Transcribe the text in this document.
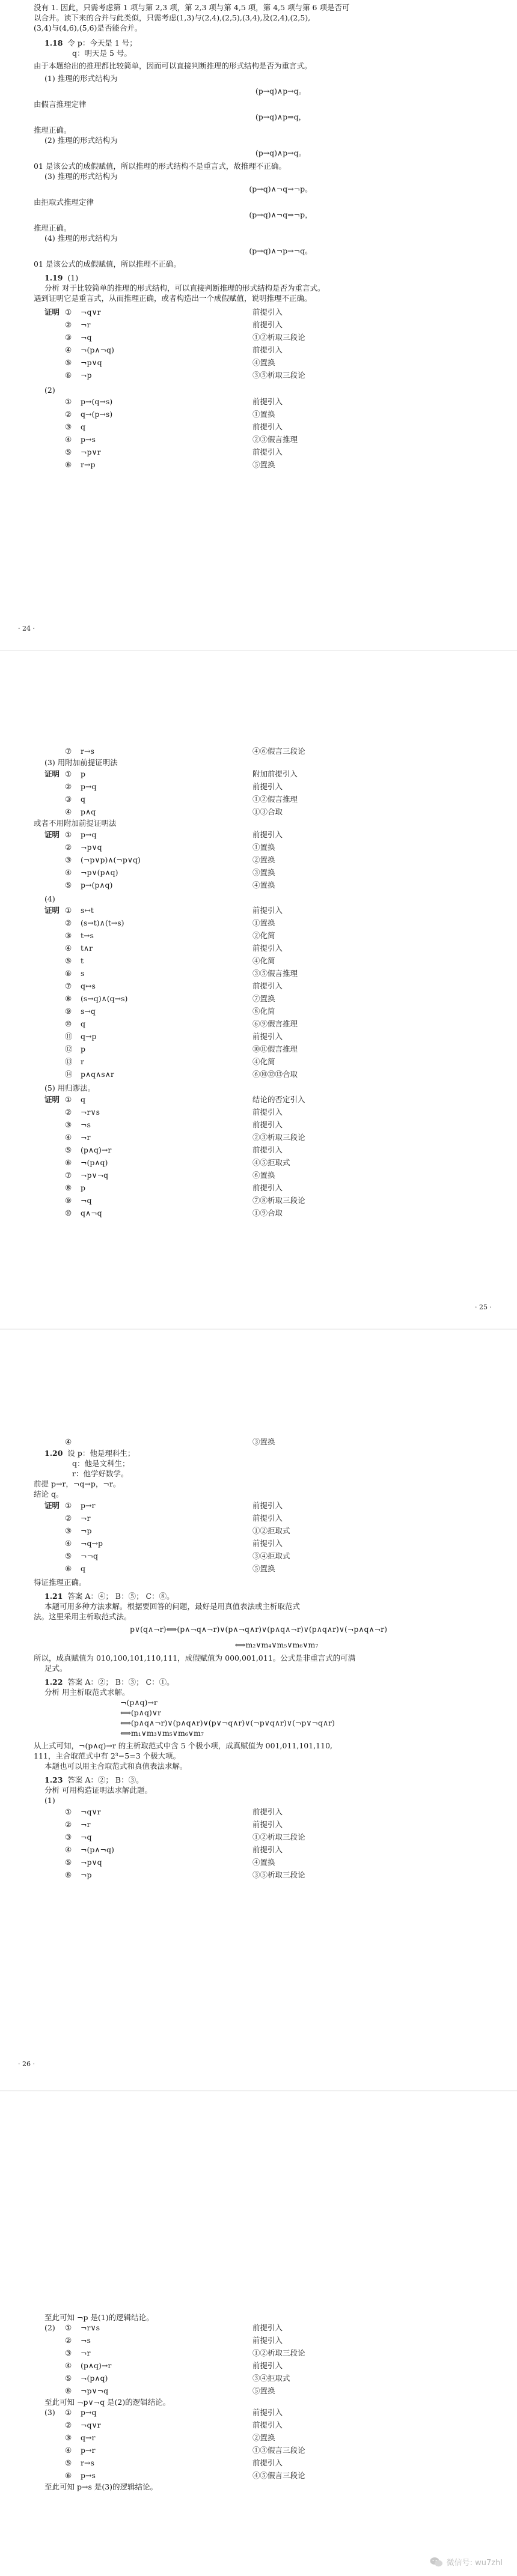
没有 1. 因此，只需考虑第 1 项与第 2,3 项，第 2,3 项与第 4,5 项，第 4,5 项与第 6 项是否可
以合并。读下来的合并与此类似，只需考虑(1,3)与(2,4),(2,5),(3,4),及(2,4),(2,5),
(3,4)与(4,6),(5,6)是否能合并。
1.18 令 p：今天是 1 号；
q：明天是 5 号。
由于本题给出的推理都比较简单，因而可以直接判断推理的形式结构是否为重言式。
(1) 推理的形式结构为
(p→q)∧p→q。
由假言推理定律
(p→q)∧p⇒q，
推理正确。
(2) 推理的形式结构为
(p→q)∧p→q。
01 是该公式的成假赋值，所以推理的形式结构不是重言式，故推理不正确。
(3) 推理的形式结构为
(p→q)∧¬q→¬p。
由拒取式推理定律
(p→q)∧¬q⇒¬p，
推理正确。
(4) 推理的形式结构为
(p→q)∧¬p→¬q。
01 是该公式的成假赋值，所以推理不正确。
1.19 (1)
分析 对于比较简单的推理的形式结构，可以直接判断推理的形式结构是否为重言式。
遇到证明它是重言式，从而推理正确，或者构造出一个成假赋值，说明推理不正确。
证明 ① ¬q∨r	前提引入
② ¬r	前提引入
③ ¬q	①②析取三段论
④ ¬(p∧¬q)	前提引入
⑤ ¬p∨q	④置换
⑥ ¬p	③⑤析取三段论
(2)
① p→(q→s)	前提引入
② q→(p→s)	①置换
③ q	前提引入
④ p→s	②③假言推理
⑤ ¬p∨r	前提引入
⑥ r→p	⑤置换
· 24 ·
⑦ r→s	④⑥假言三段论
(3) 用附加前提证明法
证明 ① p	附加前提引入
② p→q	前提引入
③ q	①②假言推理
④ p∧q	①③合取
或者不用附加前提证明法
证明 ① p→q	前提引入
② ¬p∨q	①置换
③ (¬p∨p)∧(¬p∨q)	②置换
④ ¬p∨(p∧q)	③置换
⑤ p→(p∧q)	④置换
(4)
证明 ① s↔t	前提引入
② (s→t)∧(t→s)	①置换
③ t→s	②化简
④ t∧r	前提引入
⑤ t	④化简
⑥ s	③⑤假言推理
⑦ q↔s	前提引入
⑧ (s→q)∧(q→s)	⑦置换
⑨ s→q	⑧化简
⑩ q	⑥⑨假言推理
⑪ q→p	前提引入
⑫ p	⑩⑪假言推理
⑬ r	④化简
⑭ p∧q∧s∧r	⑥⑩⑫⑬合取
(5) 用归谬法。
证明 ① q	结论的否定引入
② ¬r∨s	前提引入
③ ¬s	前提引入
④ ¬r	②③析取三段论
⑤ (p∧q)→r	前提引入
⑥ ¬(p∧q)	④⑤拒取式
⑦ ¬p∨¬q	⑥置换
⑧ p	前提引入
⑨ ¬q	⑦⑧析取三段论
⑩ q∧¬q	①⑨合取
· 25 ·
④	③置换
1.20 设 p：他是理科生；
q：他是文科生；
r：他学好数学。
前提 p→r，¬q→p，¬r。
结论 q。
证明 ① p→r	前提引入
② ¬r	前提引入
③ ¬p	①②拒取式
④ ¬q→p	前提引入
⑤ ¬¬q	③④拒取式
⑥ q	⑤置换
得证推理正确。
1.21 答案 A：④； B：⑤； C：⑧。
本题可用多种方法求解。根据要回答的问题，最好是用真值表法或主析取范式
法。这里采用主析取范式法。
p∨(q∧¬r)⟺(p∧¬q∧¬r)∨(p∧¬q∧r)∨(p∧q∧¬r)∨(p∧q∧r)∨(¬p∧q∧¬r)
⟺m₂∨m₄∨m₅∨m₆∨m₇
所以，成真赋值为 010,100,101,110,111，成假赋值为 000,001,011。公式是非重言式的可满
足式。
1.22 答案 A：②； B：③； C：①。
分析 用主析取范式求解。
¬(p∧q)→r
⟺(p∧q)∨r
⟺(p∧q∧¬r)∨(p∧q∧r)∨(p∨¬q∧r)∨(¬p∨q∧r)∨(¬p∨¬q∧r)
⟺m₁∨m₃∨m₅∨m₆∨m₇
从上式可知，¬(p∧q)→r 的主析取范式中含 5 个极小项，成真赋值为 001,011,101,110,
111，主合取范式中有 2³−5=3 个极大项。
本题也可以用主合取范式和真值表法求解。
1.23 答案 A：②； B：③。
分析 可用构造证明法求解此题。
(1)
① ¬q∨r	前提引入
② ¬r	前提引入
③ ¬q	①②析取三段论
④ ¬(p∧¬q)	前提引入
⑤ ¬p∨q	④置换
⑥ ¬p	③⑤析取三段论
· 26 ·
至此可知 ¬p 是(1)的逻辑结论。
(2)	① ¬r∨s	前提引入
② ¬s	前提引入
③ ¬r	①②析取三段论
④ (p∧q)→r	前提引入
⑤ ¬(p∧q)	③④拒取式
⑥ ¬p∨¬q	⑤置换
至此可知 ¬p∨¬q 是(2)的逻辑结论。
(3)	① p→q	前提引入
② ¬q∨r	前提引入
③ q→r	②置换
④ p→r	①③假言三段论
⑤ r→s	前提引入
⑥ p→s	④⑤假言三段论
至此可知 p→s 是(3)的逻辑结论。
微信号: wu7zhl
